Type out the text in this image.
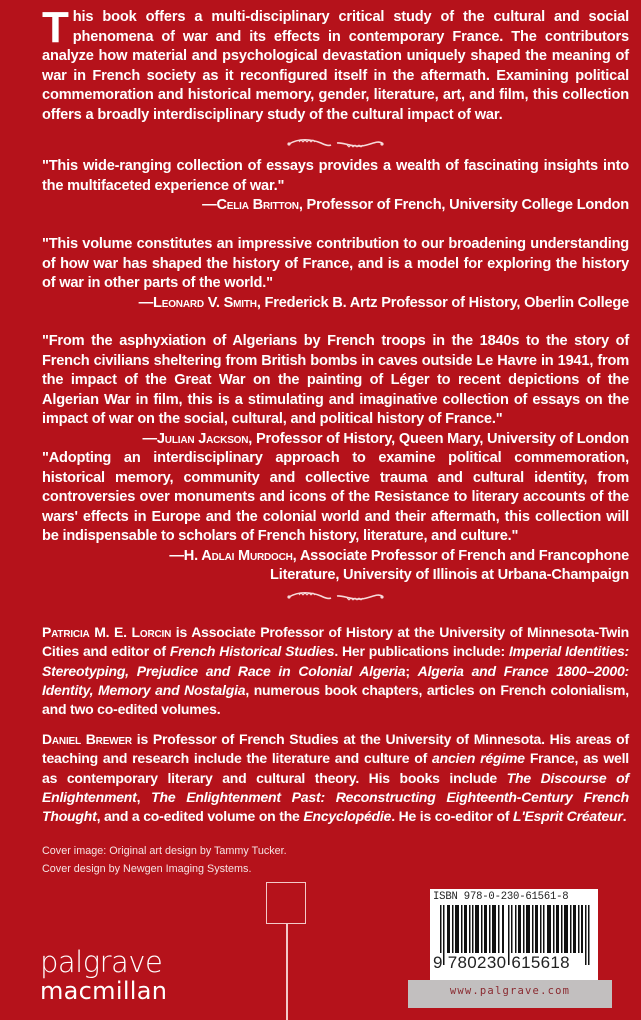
This book offers a multi-disciplinary critical study of the cultural and social phenomena of war and its effects in contemporary France. The contributors analyze how material and psychological devastation uniquely shaped the meaning of war in French society as it reconfigured itself in the aftermath. Examining political commemoration and historical memory, gender, literature, art, and film, this collection offers a broadly interdisciplinary study of the cultural impact of war.

"This wide-ranging collection of essays provides a wealth of fascinating insights into the multifaceted experience of war."

—Celia Britton, Professor of French, University College London

"This volume constitutes an impressive contribution to our broadening understanding of how war has shaped the history of France, and is a model for exploring the history of war in other parts of the world."

—Leonard V. Smith, Frederick B. Artz Professor of History, Oberlin College

"From the asphyxiation of Algerians by French troops in the 1840s to the story of French civilians sheltering from British bombs in caves outside Le Havre in 1941, from the impact of the Great War on the painting of Léger to recent depictions of the Algerian War in film, this is a stimulating and imaginative collection of essays on the impact of war on the social, cultural, and political history of France."

—Julian Jackson, Professor of History, Queen Mary, University of London

"Adopting an interdisciplinary approach to examine political commemoration, historical memory, community and collective trauma and cultural identity, from controversies over monuments and icons of the Resistance to literary accounts of the wars' effects in Europe and the colonial world and their aftermath, this collection will be indispensable to scholars of French history, literature, and culture."

—H. Adlai Murdoch, Associate Professor of French and Francophone

Literature, University of Illinois at Urbana-Champaign

Patricia M. E. Lorcin is Associate Professor of History at the University of Minnesota-Twin Cities and editor of French Historical Studies. Her publications include: Imperial Identities: Stereotyping, Prejudice and Race in Colonial Algeria; Algeria and France 1800–2000: Identity, Memory and Nostalgia, numerous book chapters, articles on French colonialism, and two co-edited volumes.
Daniel Brewer is Professor of French Studies at the University of Minnesota. His areas of teaching and research include the literature and culture of ancien régime France, as well as contemporary literary and cultural theory. His books include The Discourse of Enlightenment, The Enlightenment Past: Reconstructing Eighteenth-Century French Thought, and a co-edited volume on the Encyclopédie. He is co-editor of L'Esprit Créateur.
Cover image: Original art design by Tammy Tucker.
Cover design by Newgen Imaging Systems.
palgrave
macmillan	www.palgrave.com
ISBN 978-0-230-61561-8
9 780230 615618
